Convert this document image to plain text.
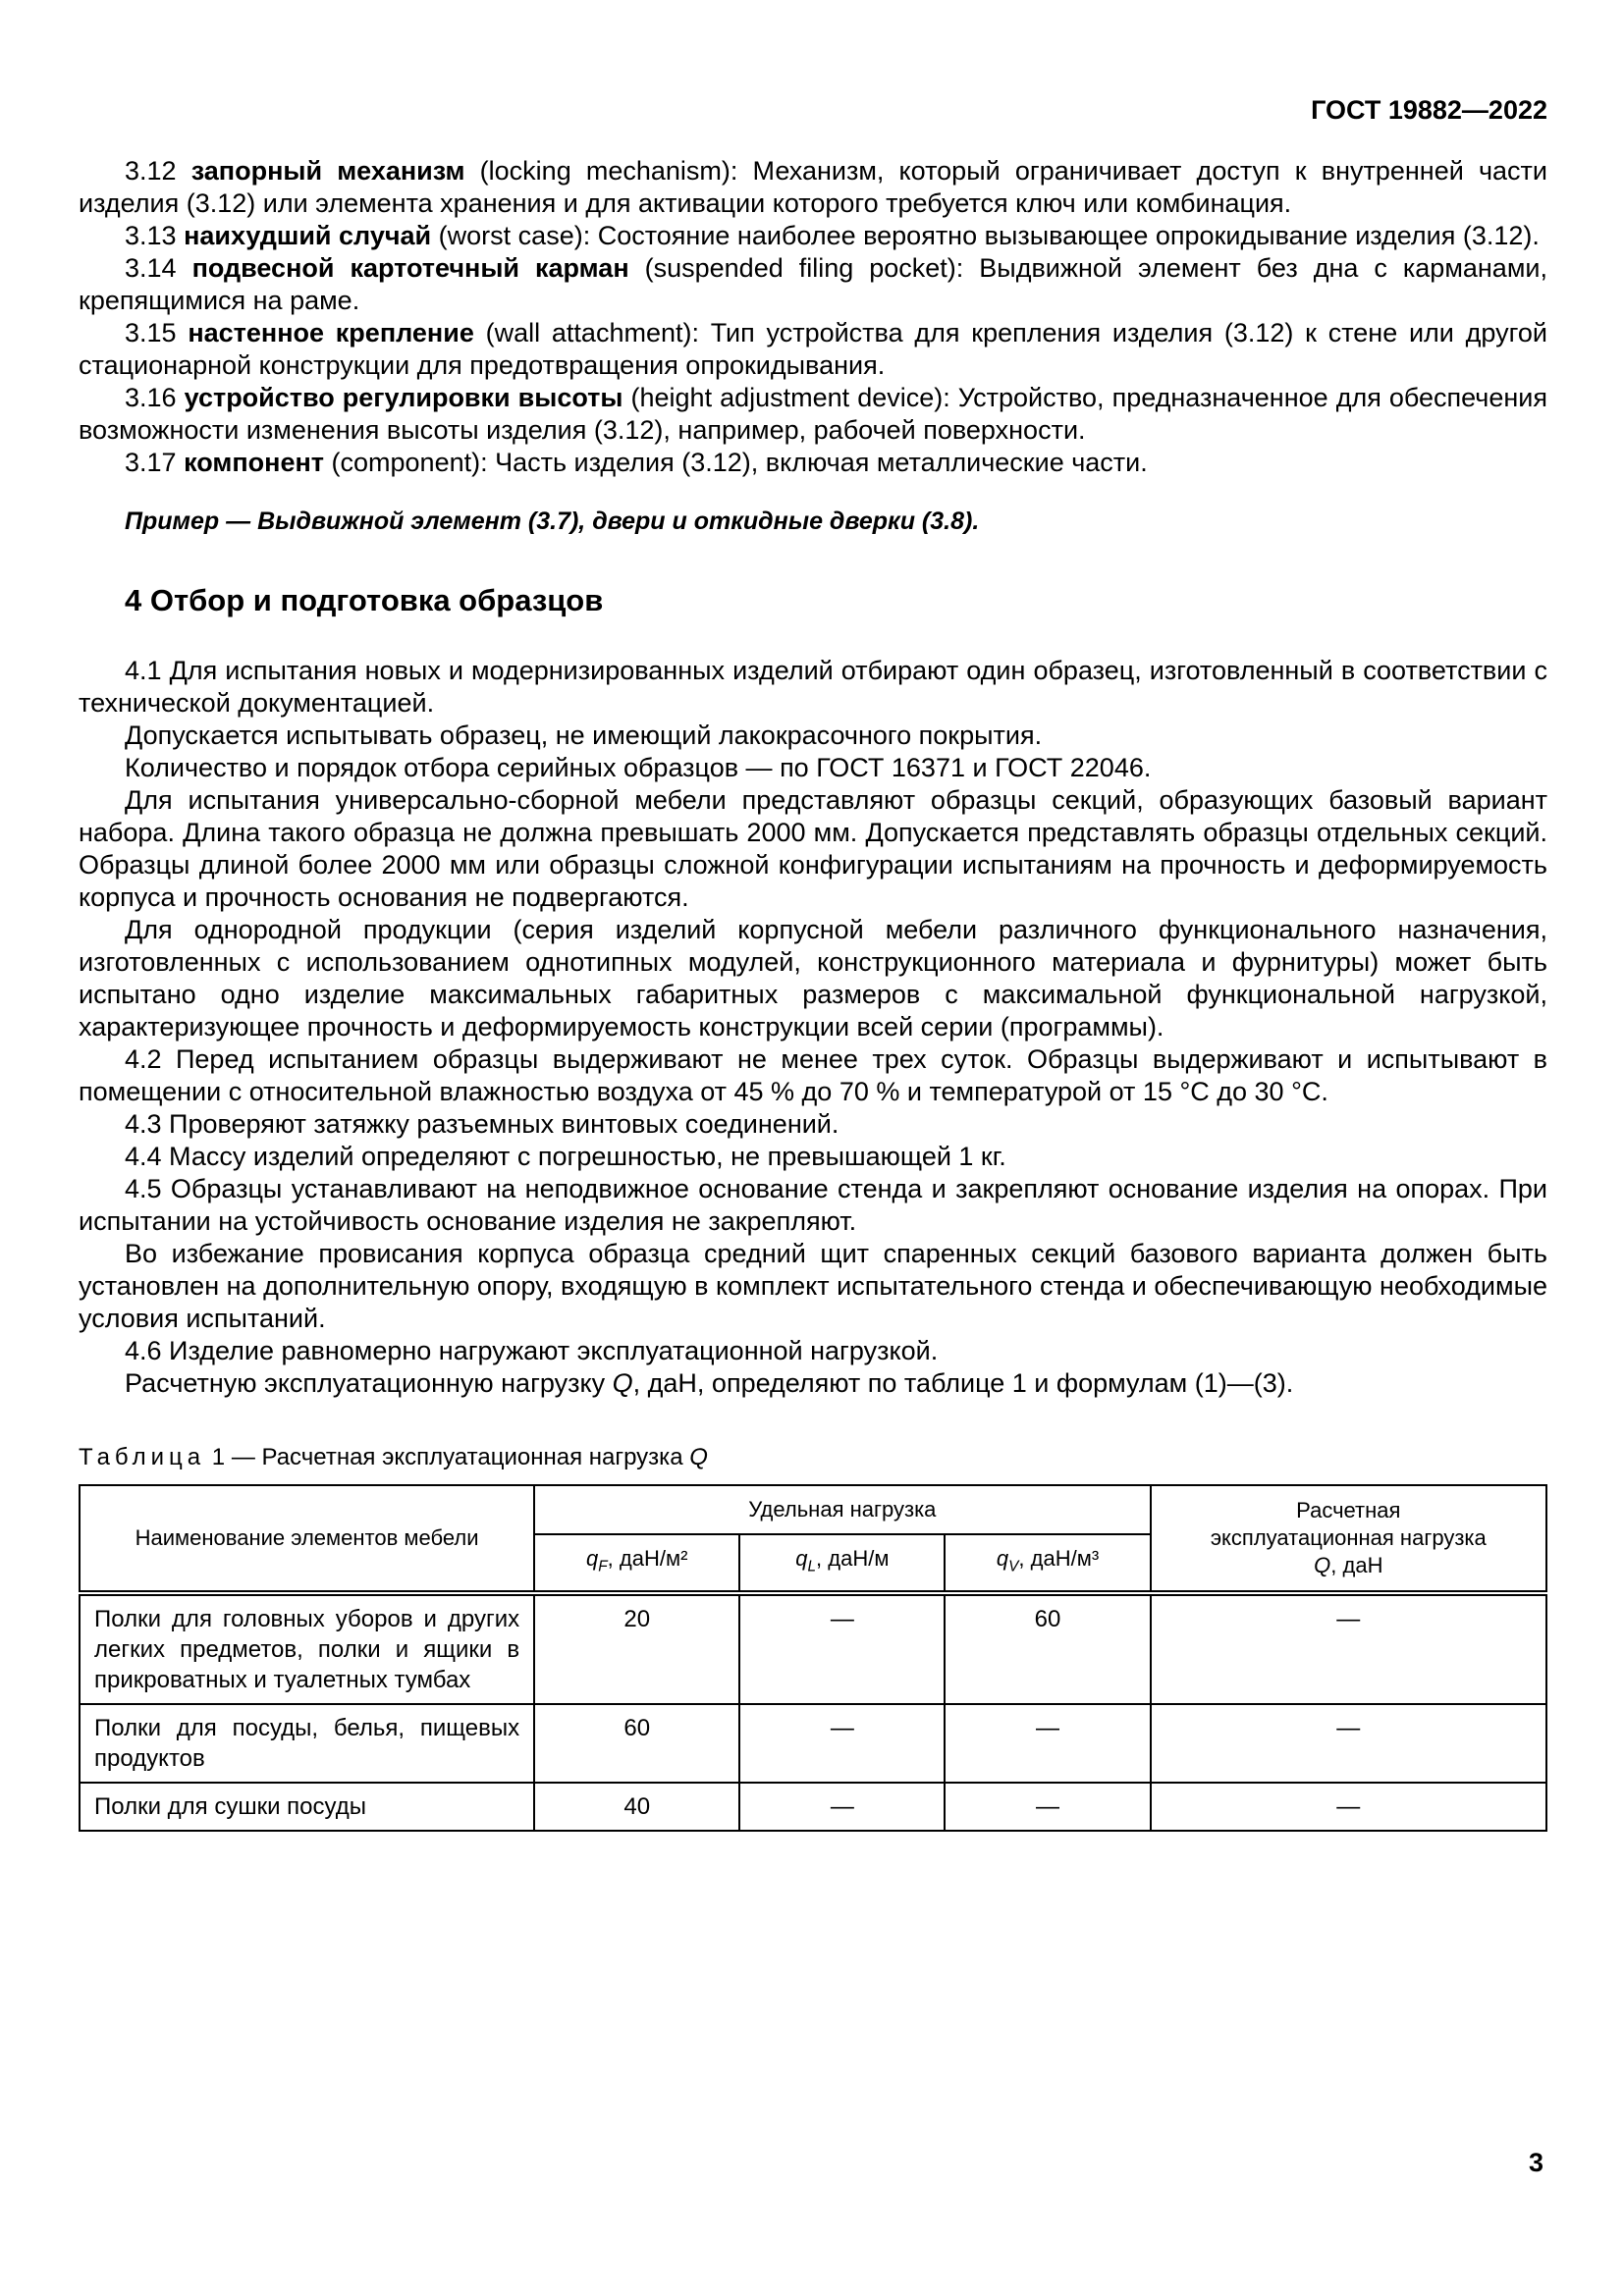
ГОСТ 19882—2022

3.12 запорный механизм (locking mechanism): Механизм, который ограничивает доступ к внутренней части изделия (3.12) или элемента хранения и для активации которого требуется ключ или комбинация.

3.13 наихудший случай (worst case): Состояние наиболее вероятно вызывающее опрокидывание изделия (3.12).

3.14 подвесной картотечный карман (suspended filing pocket): Выдвижной элемент без дна с карманами, крепящимися на раме.

3.15 настенное крепление (wall attachment): Тип устройства для крепления изделия (3.12) к стене или другой стационарной конструкции для предотвращения опрокидывания.

3.16 устройство регулировки высоты (height adjustment device): Устройство, предназначенное для обеспечения возможности изменения высоты изделия (3.12), например, рабочей поверхности.

3.17 компонент (component): Часть изделия (3.12), включая металлические части.

Пример — Выдвижной элемент (3.7), двери и откидные дверки (3.8).

4 Отбор и подготовка образцов

4.1 Для испытания новых и модернизированных изделий отбирают один образец, изготовленный в соответствии с технической документацией.

Допускается испытывать образец, не имеющий лакокрасочного покрытия.

Количество и порядок отбора серийных образцов — по ГОСТ 16371 и ГОСТ 22046.

Для испытания универсально-сборной мебели представляют образцы секций, образующих базовый вариант набора. Длина такого образца не должна превышать 2000 мм. Допускается представлять образцы отдельных секций. Образцы длиной более 2000 мм или образцы сложной конфигурации испытаниям на прочность и деформируемость корпуса и прочность основания не подвергаются.

Для однородной продукции (серия изделий корпусной мебели различного функционального назначения, изготовленных с использованием однотипных модулей, конструкционного материала и фурнитуры) может быть испытано одно изделие максимальных габаритных размеров с максимальной функциональной нагрузкой, характеризующее прочность и деформируемость конструкции всей серии (программы).

4.2 Перед испытанием образцы выдерживают не менее трех суток. Образцы выдерживают и испытывают в помещении с относительной влажностью воздуха от 45 % до 70 % и температурой от 15 °С до 30 °С.

4.3 Проверяют затяжку разъемных винтовых соединений.

4.4 Массу изделий определяют с погрешностью, не превышающей 1 кг.

4.5 Образцы устанавливают на неподвижное основание стенда и закрепляют основание изделия на опорах. При испытании на устойчивость основание изделия не закрепляют.

Во избежание провисания корпуса образца средний щит спаренных секций базового варианта должен быть установлен на дополнительную опору, входящую в комплект испытательного стенда и обеспечивающую необходимые условия испытаний.

4.6 Изделие равномерно нагружают эксплуатационной нагрузкой.

Расчетную эксплуатационную нагрузку Q, даН, определяют по таблице 1 и формулам (1)—(3).

Таблица 1 — Расчетная эксплуатационная нагрузка Q

Наименование элементов мебели	Удельная нагрузка			Расчетная
эксплуатационная нагрузка
Q, даН

	$q_F$, даН/м²	$q_L$, даН/м	$q_V$, даН/м³	
Полки для головных уборов и других легких предметов, полки и ящики в прикроватных и туалетных тумбах	20	—	60	—
Полки для посуды, белья, пищевых продуктов	60	—	—	—
Полки для сушки посуды	40	—	—	—
3
